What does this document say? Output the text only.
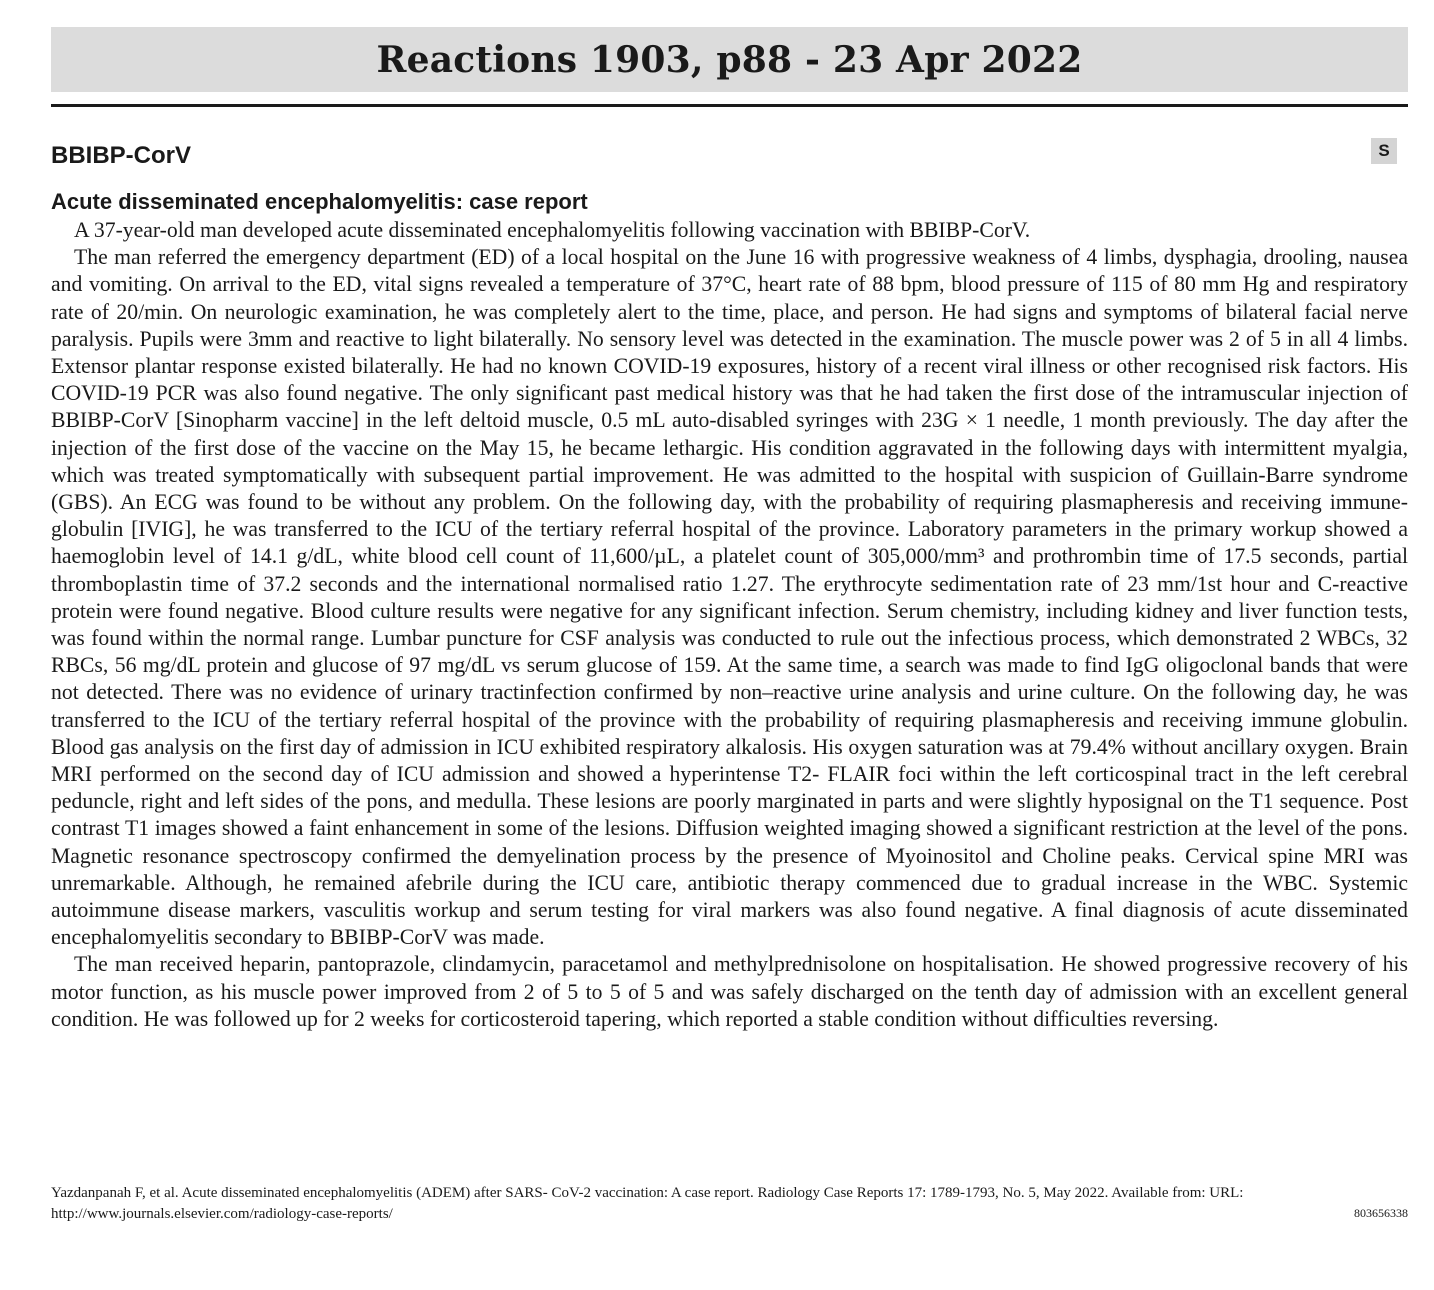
Reactions 1903, p88 - 23 Apr 2022
BBIBP-CorV	S
Acute disseminated encephalomyelitis: case report

A 37-year-old man developed acute disseminated encephalomyelitis following vaccination with BBIBP-CorV.

The man referred the emergency department (ED) of a local hospital on the June 16 with progressive weakness of 4 limbs, dysphagia, drooling, nausea and vomiting. On arrival to the ED, vital signs revealed a temperature of 37°C, heart rate of 88 bpm, blood pressure of 115 of 80 mm Hg and respiratory rate of 20/min. On neurologic examination, he was completely alert to the time, place, and person. He had signs and symptoms of bilateral facial nerve paralysis. Pupils were 3mm and reactive to light bilaterally. No sensory level was detected in the examination. The muscle power was 2 of 5 in all 4 limbs. Extensor plantar response existed bilaterally. He had no known COVID-19 exposures, history of a recent viral illness or other recognised risk factors. His COVID-19 PCR was also found negative. The only significant past medical history was that he had taken the first dose of the intramuscular injection of BBIBP-CorV [Sinopharm vaccine] in the left deltoid muscle, 0.5 mL auto-disabled syringes with 23G × 1 needle, 1 month previously. The day after the injection of the first dose of the vaccine on the May 15, he became lethargic. His condition aggravated in the following days with intermittent myalgia, which was treated symptomatically with subsequent partial improvement. He was admitted to the hospital with suspicion of Guillain-Barre syndrome (GBS). An ECG was found to be without any problem. On the following day, with the probability of requiring plasmapheresis and receiving immune-globulin [IVIG], he was transferred to the ICU of the tertiary referral hospital of the province. Laboratory parameters in the primary workup showed a haemoglobin level of 14.1 g/dL, white blood cell count of 11,600/µL, a platelet count of 305,000/mm³ and prothrombin time of 17.5 seconds, partial thromboplastin time of 37.2 seconds and the international normalised ratio 1.27. The erythrocyte sedimentation rate of 23 mm/1st hour and C-reactive protein were found negative. Blood culture results were negative for any significant infection. Serum chemistry, including kidney and liver function tests, was found within the normal range. Lumbar puncture for CSF analysis was conducted to rule out the infectious process, which demonstrated 2 WBCs, 32 RBCs, 56 mg/dL protein and glucose of 97 mg/dL vs serum glucose of 159. At the same time, a search was made to find IgG oligoclonal bands that were not detected. There was no evidence of urinary tractinfection confirmed by non–reactive urine analysis and urine culture. On the following day, he was transferred to the ICU of the tertiary referral hospital of the province with the probability of requiring plasmapheresis and receiving immune globulin. Blood gas analysis on the first day of admission in ICU exhibited respiratory alkalosis. His oxygen saturation was at 79.4% without ancillary oxygen. Brain MRI performed on the second day of ICU admission and showed a hyperintense T2- FLAIR foci within the left corticospinal tract in the left cerebral peduncle, right and left sides of the pons, and medulla. These lesions are poorly marginated in parts and were slightly hyposignal on the T1 sequence. Post contrast T1 images showed a faint enhancement in some of the lesions. Diffusion weighted imaging showed a significant restriction at the level of the pons. Magnetic resonance spectroscopy confirmed the demyelination process by the presence of Myoinositol and Choline peaks. Cervical spine MRI was unremarkable. Although, he remained afebrile during the ICU care, antibiotic therapy commenced due to gradual increase in the WBC. Systemic autoimmune disease markers, vasculitis workup and serum testing for viral markers was also found negative. A final diagnosis of acute disseminated encephalomyelitis secondary to BBIBP-CorV was made.

The man received heparin, pantoprazole, clindamycin, paracetamol and methylprednisolone on hospitalisation. He showed progressive recovery of his motor function, as his muscle power improved from 2 of 5 to 5 of 5 and was safely discharged on the tenth day of admission with an excellent general condition. He was followed up for 2 weeks for corticosteroid tapering, which reported a stable condition without difficulties reversing.

Yazdanpanah F, et al. Acute disseminated encephalomyelitis (ADEM) after SARS- CoV-2 vaccination: A case report. Radiology Case Reports 17: 1789-1793, No. 5, May 2022. Available from: URL: http://www.journals.elsevier.com/radiology-case-reports/	803656338
